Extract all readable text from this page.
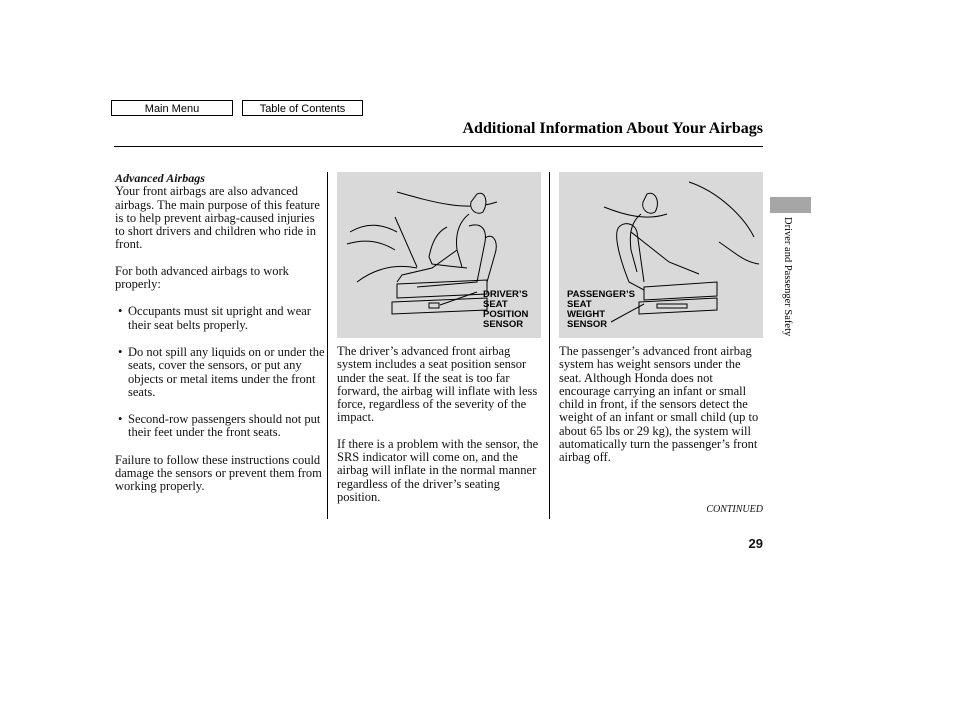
Main Menu	Table of Contents
Additional Information About Your Airbags

Advanced Airbags

Your front airbags are also advanced airbags. The main purpose of this feature is to help prevent airbag-caused injuries to short drivers and children who ride in front.

For both advanced airbags to work properly:

• Occupants must sit upright and wear their seat belts properly.
• Do not spill any liquids on or under the seats, cover the sensors, or put any objects or metal items under the front seats.
• Second-row passengers should not put their feet under the front seats.

Failure to follow these instructions could damage the sensors or prevent them from working properly.

DRIVER’S
SEAT
POSITION
SENSOR
PASSENGER’S
SEAT
WEIGHT
SENSOR

The driver’s advanced front airbag system includes a seat position sensor under the seat. If the seat is too far forward, the airbag will inflate with less force, regardless of the severity of the impact.

If there is a problem with the sensor, the SRS indicator will come on, and the airbag will inflate in the normal manner regardless of the driver’s seating position.

The passenger’s advanced front airbag system has weight sensors under the seat. Although Honda does not encourage carrying an infant or small child in front, if the sensors detect the weight of an infant or small child (up to about 65 lbs or 29 kg), the system will automatically turn the passenger’s front airbag off.

Driver and Passenger Safety
CONTINUED
29
